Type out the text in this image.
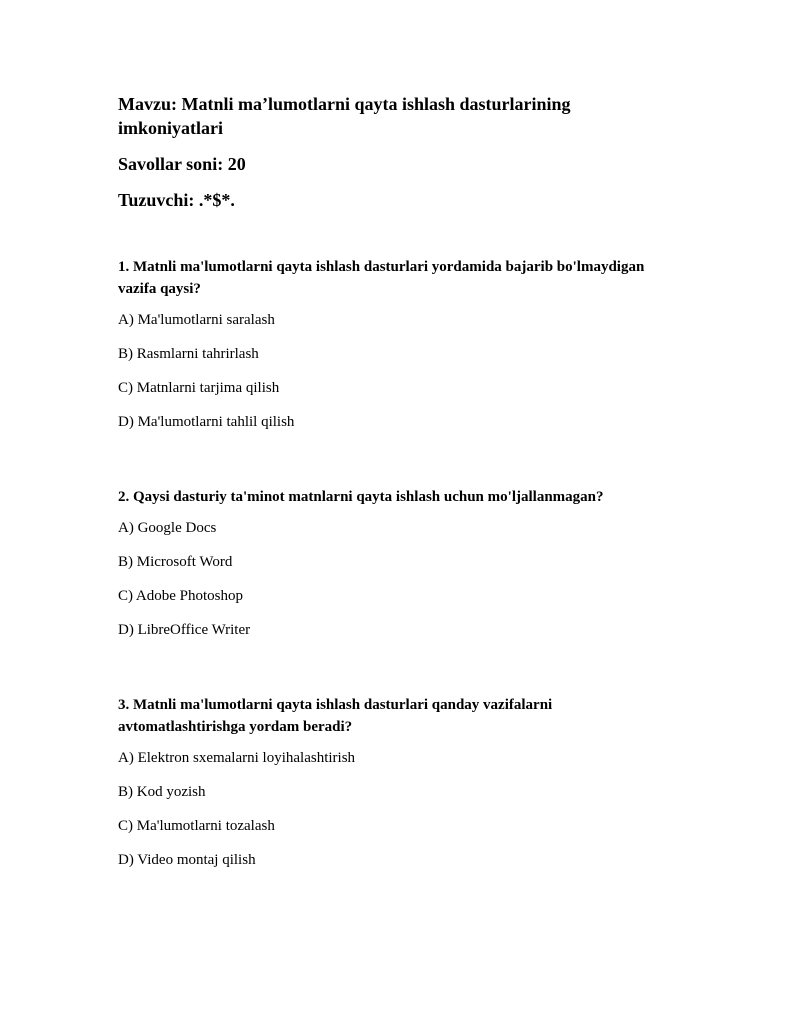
Mavzu: Matnli ma’lumotlarni qayta ishlash dasturlarining imkoniyatlari
Savollar soni: 20
Tuzuvchi: .*$*.
1. Matnli ma'lumotlarni qayta ishlash dasturlari yordamida bajarib bo'lmaydigan vazifa qaysi?
A) Ma'lumotlarni saralash
B) Rasmlarni tahrirlash
C) Matnlarni tarjima qilish
D) Ma'lumotlarni tahlil qilish
2. Qaysi dasturiy ta'minot matnlarni qayta ishlash uchun mo'ljallanmagan?
A) Google Docs
B) Microsoft Word
C) Adobe Photoshop
D) LibreOffice Writer
3. Matnli ma'lumotlarni qayta ishlash dasturlari qanday vazifalarni avtomatlashtirishga yordam beradi?
A) Elektron sxemalarni loyihalashtirish
B) Kod yozish
C) Ma'lumotlarni tozalash
D) Video montaj qilish
